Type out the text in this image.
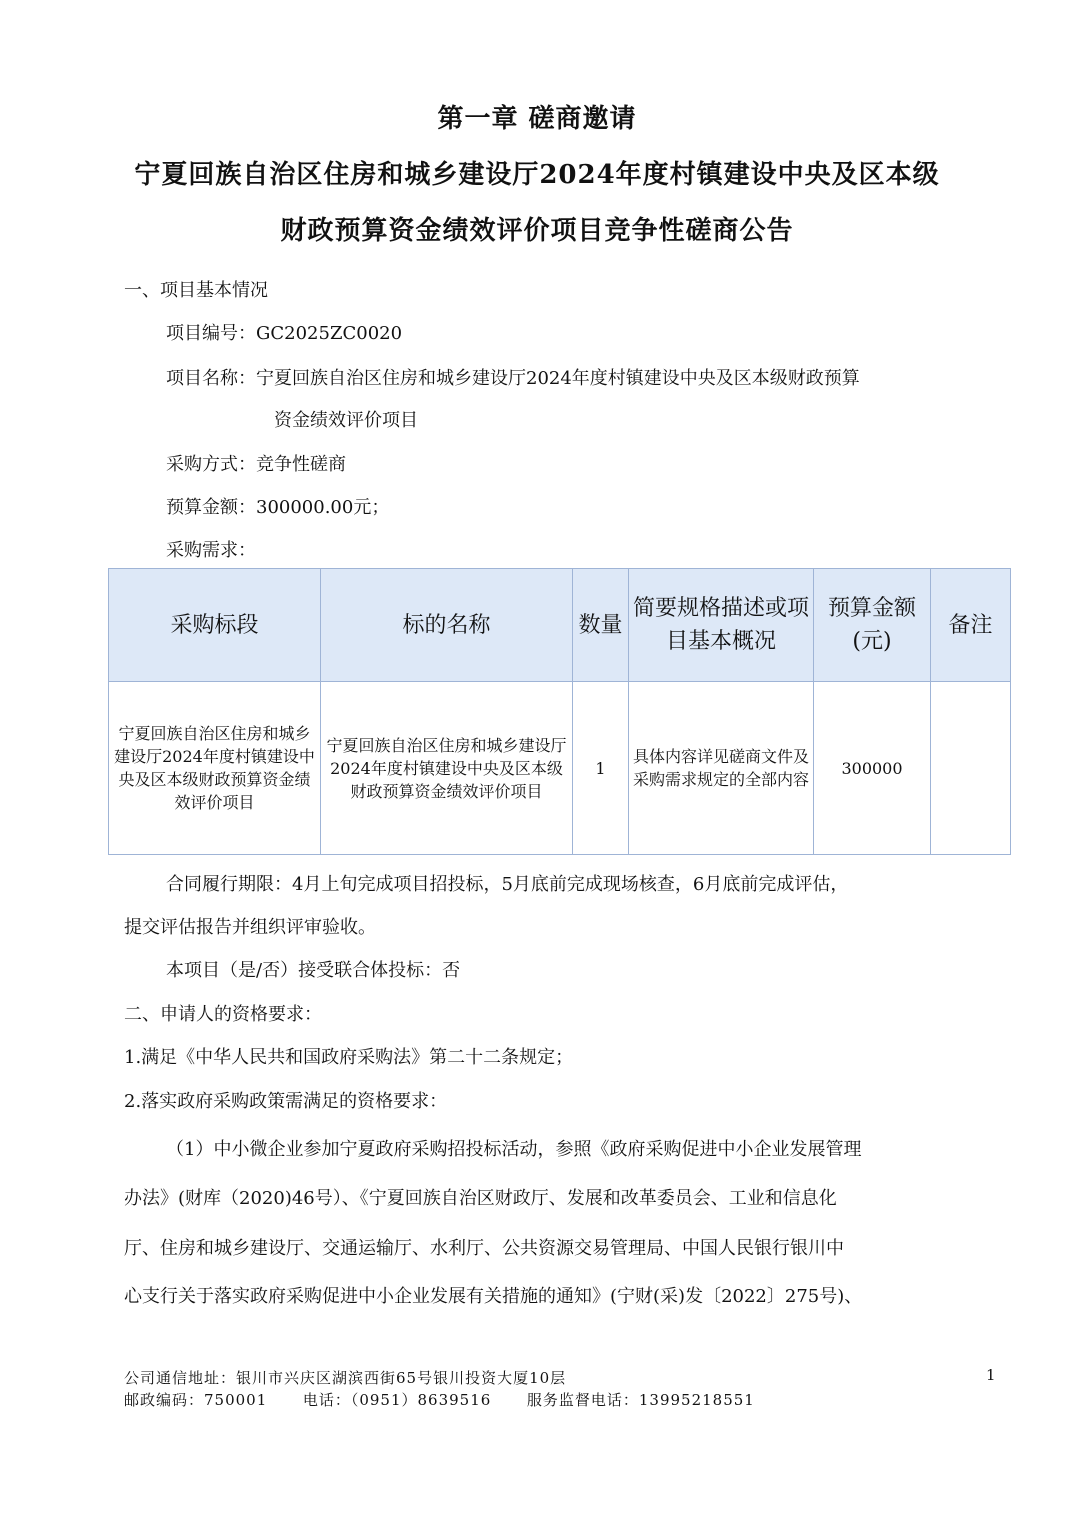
第一章 磋商邀请
宁夏回族自治区住房和城乡建设厅2024年度村镇建设中央及区本级
财政预算资金绩效评价项目竞争性磋商公告
一、项目基本情况
项目编号：GC2025ZC0020
项目名称：宁夏回族自治区住房和城乡建设厅2024年度村镇建设中央及区本级财政预算
资金绩效评价项目
采购方式：竞争性磋商
预算金额：300000.00元；
采购需求：
采购标段	标的名称	数量	简要规格描述或项目基本概况	预算金额(元)	备注
宁夏回族自治区住房和城乡建设厅2024年度村镇建设中央及区本级财政预算资金绩效评价项目	宁夏回族自治区住房和城乡建设厅2024年度村镇建设中央及区本级财政预算资金绩效评价项目	1	具体内容详见磋商文件及采购需求规定的全部内容	300000	
合同履行期限：4月上旬完成项目招投标，5月底前完成现场核查，6月底前完成评估，
提交评估报告并组织评审验收。
本项目（是/否）接受联合体投标：否
二、申请人的资格要求：
1.满足《中华人民共和国政府采购法》第二十二条规定；
2.落实政府采购政策需满足的资格要求：
（1）中小微企业参加宁夏政府采购招投标活动，参照《政府采购促进中小企业发展管理
办法》(财库（2020)46号）、《宁夏回族自治区财政厅、发展和改革委员会、工业和信息化
厅、住房和城乡建设厅、交通运输厅、水利厅、公共资源交易管理局、中国人民银行银川中
心支行关于落实政府采购促进中小企业发展有关措施的通知》(宁财(采)发〔2022〕275号)、
公司通信地址：银川市兴庆区湖滨西街65号银川投资大厦10层
邮政编码：750001 电话：（0951）8639516 服务监督电话：13995218551
1
